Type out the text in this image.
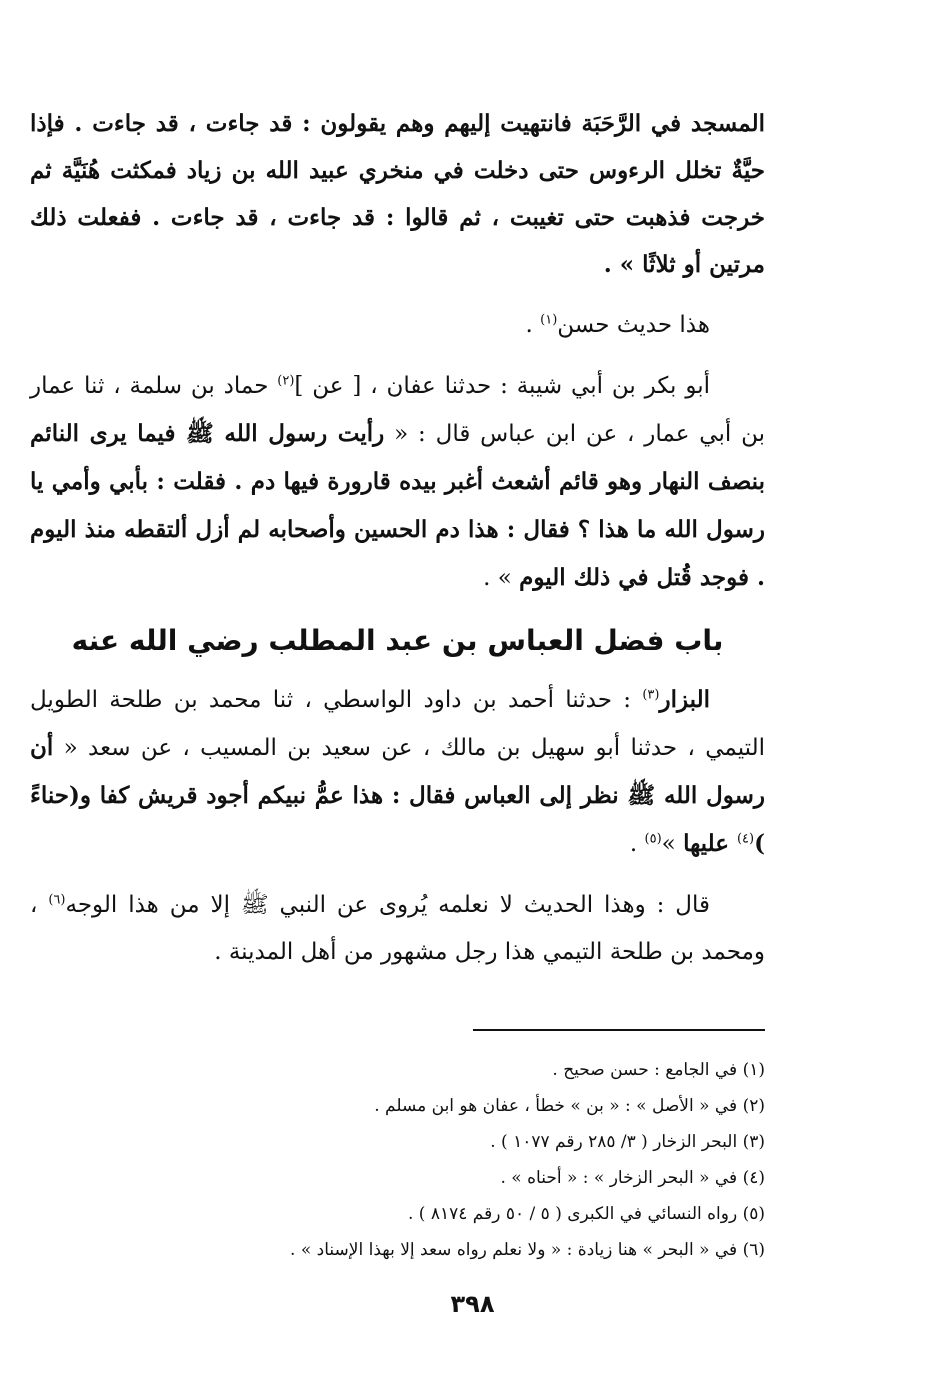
المسجد في الرَّحَبَة فانتهيت إليهم وهم يقولون : قد جاءت ، قد جاءت . فإذا حيَّةٌ تخلل الرءوس حتى دخلت في منخري عبيد الله بن زياد فمكثت هُنَيَّة ثم خرجت فذهبت حتى تغيبت ، ثم قالوا : قد جاءت ، قد جاءت . ففعلت ذلك مرتين أو ثلاثًا » .

هذا حديث حسن$^{(١)}$ .

أبو بكر بن أبي شيبة : حدثنا عفان ، [ عن ]$^{(٢)}$ حماد بن سلمة ، ثنا عمار بن أبي عمار ، عن ابن عباس قال : « رأيت رسول الله ﷺ فيما يرى النائم بنصف النهار وهو قائم أشعث أغبر بيده قارورة فيها دم . فقلت : بأبي وأمي يا رسول الله ما هذا ؟ فقال : هذا دم الحسين وأصحابه لم أزل ألتقطه منذ اليوم . فوجد قُتل في ذلك اليوم » .

باب فضل العباس بن عبد المطلب رضي الله عنه

البزار$^{(٣)}$ : حدثنا أحمد بن داود الواسطي ، ثنا محمد بن طلحة الطويل التيمي ، حدثنا أبو سهيل بن مالك ، عن سعيد بن المسيب ، عن سعد « أن رسول الله ﷺ نظر إلى العباس فقال : هذا عمُّ نبيكم أجود قريش كفا و(حناءً )$^{(٤)}$ عليها »$^{(٥)}$ .

قال : وهذا الحديث لا نعلمه يُروى عن النبي ﷺ إلا من هذا الوجه$^{(٦)}$ ، ومحمد بن طلحة التيمي هذا رجل مشهور من أهل المدينة .

(١) في الجامع : حسن صحيح .
(٢) في « الأصل » : « بن » خطأ ، عفان هو ابن مسلم .
(٣) البحر الزخار ( ٣/ ٢٨٥ رقم ١٠٧٧ ) .
(٤) في « البحر الزخار » : « أحناه » .
(٥) رواه النسائي في الكبرى ( ٥ / ٥٠ رقم ٨١٧٤ ) .
(٦) في « البحر » هنا زيادة : « ولا نعلم رواه سعد إلا بهذا الإسناد » .
٣٩٨
